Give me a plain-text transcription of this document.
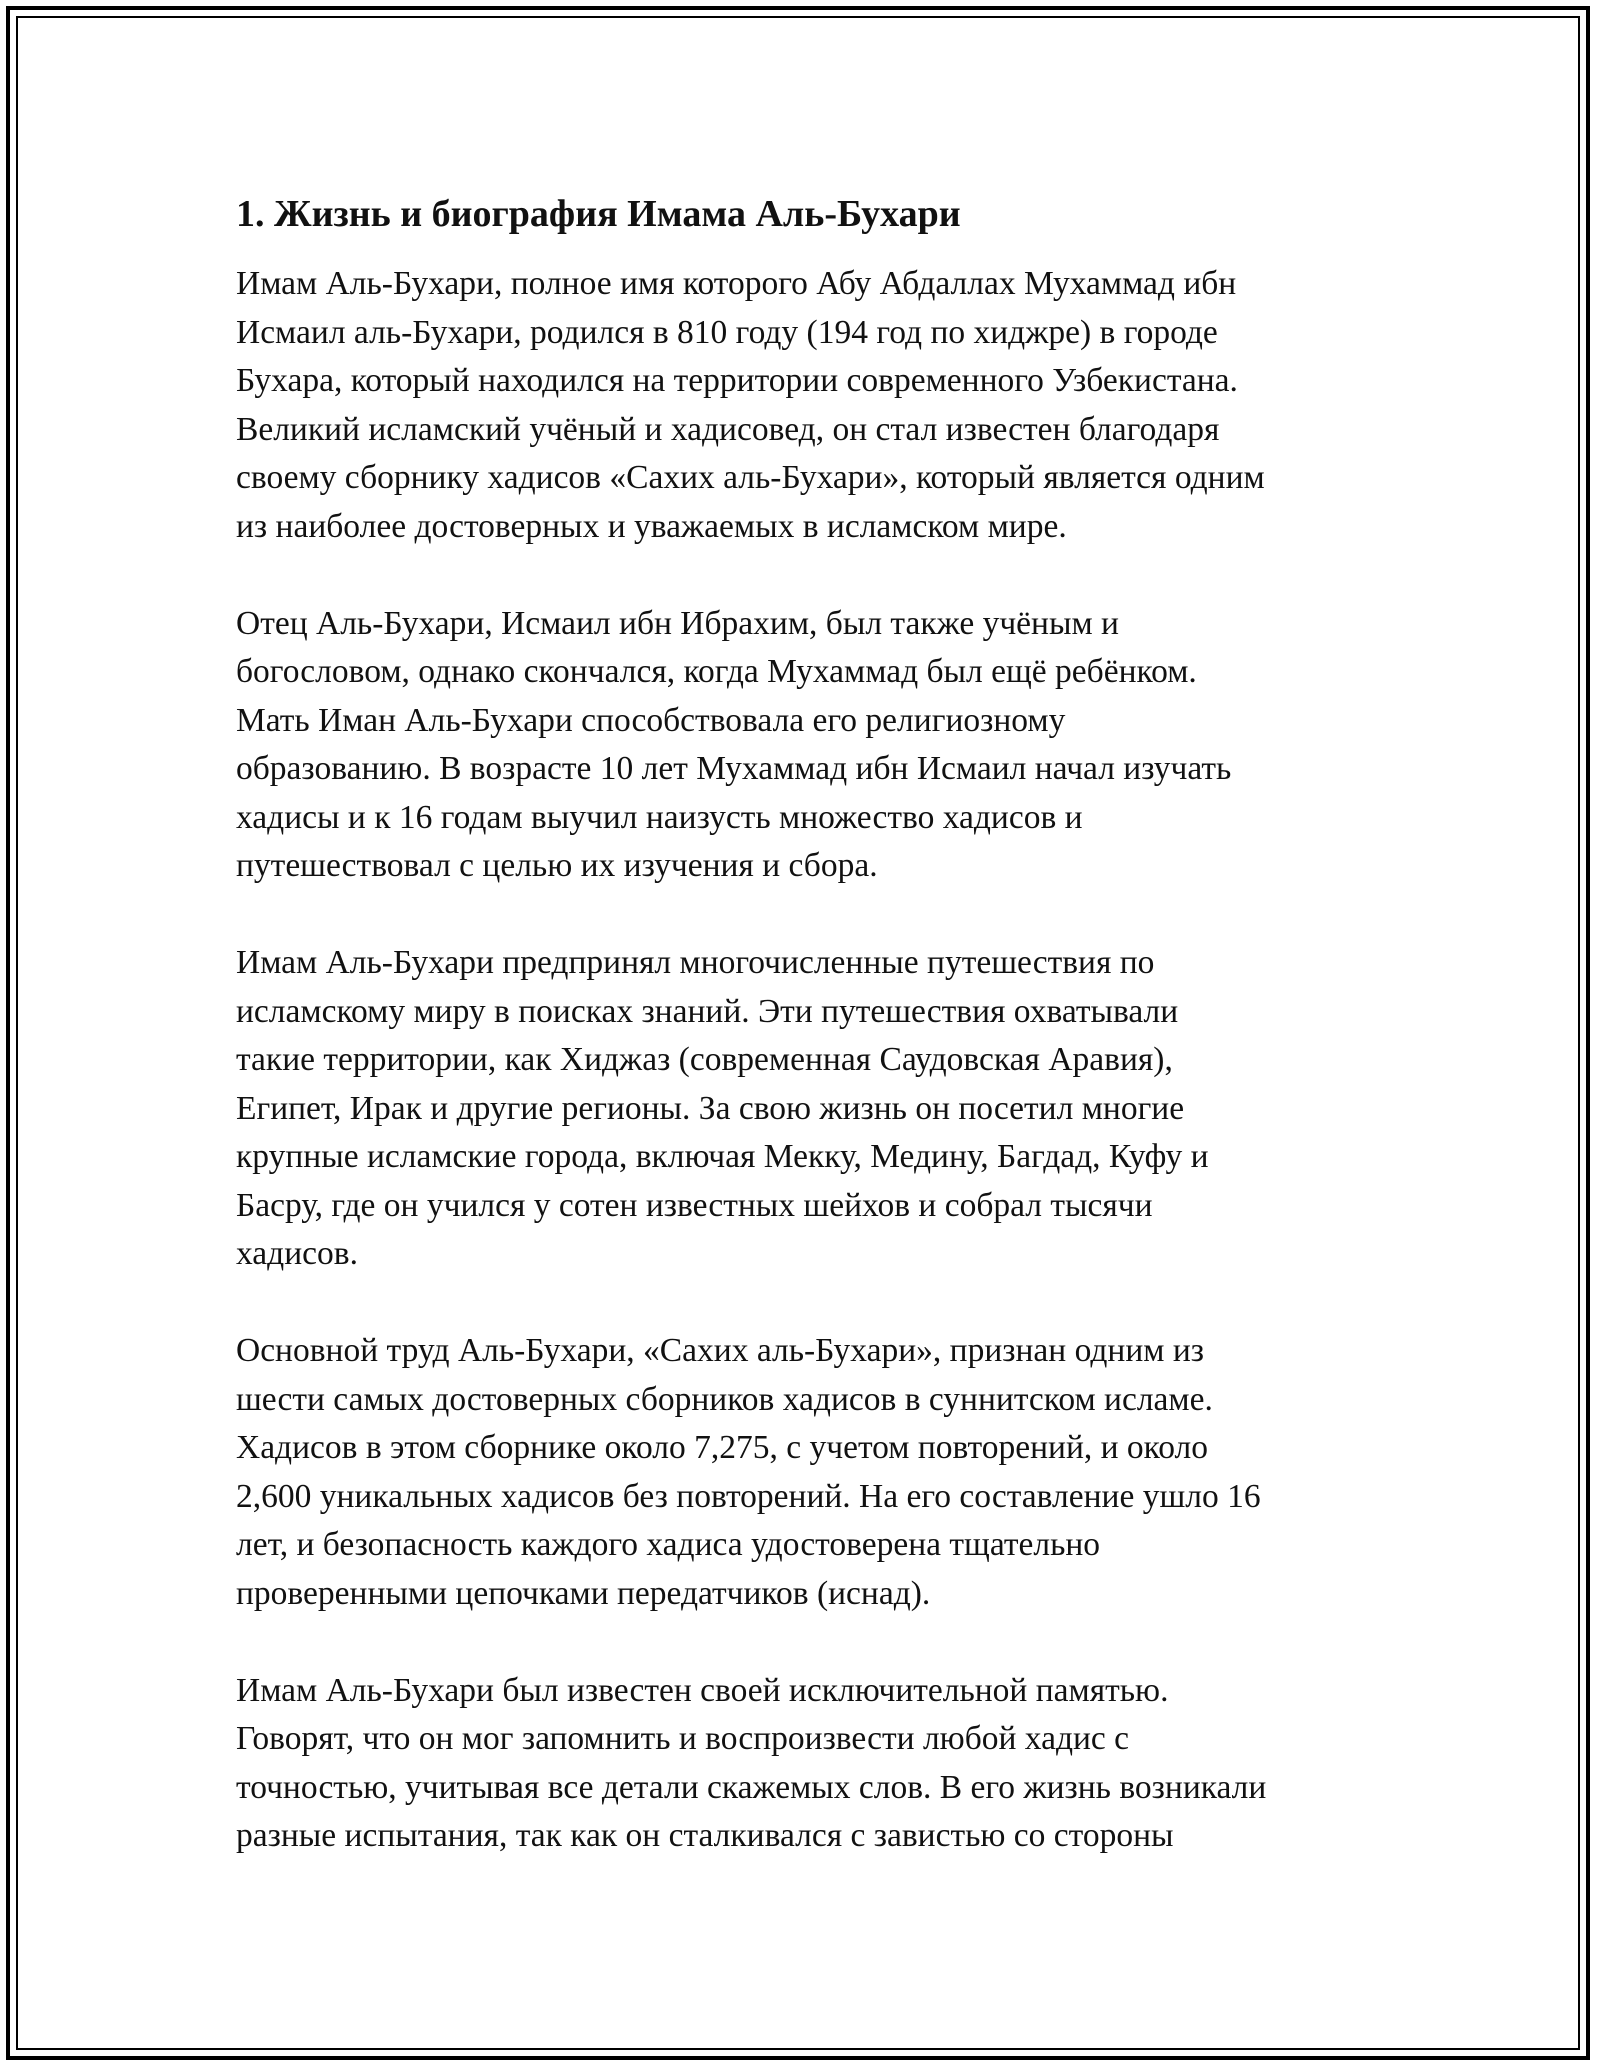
1. Жизнь и биография Имама Аль-Бухари

Имам Аль-Бухари, полное имя которого Абу Абдаллах Мухаммад ибн
Исмаил аль-Бухари, родился в 810 году (194 год по хиджре) в городе
Бухара, который находился на территории современного Узбекистана.
Великий исламский учёный и хадисовед, он стал известен благодаря
своему сборнику хадисов «Сахих аль-Бухари», который является одним
из наиболее достоверных и уважаемых в исламском мире.

Отец Аль-Бухари, Исмаил ибн Ибрахим, был также учёным и
богословом, однако скончался, когда Мухаммад был ещё ребёнком.
Мать Иман Аль-Бухари способствовала его религиозному
образованию. В возрасте 10 лет Мухаммад ибн Исмаил начал изучать
хадисы и к 16 годам выучил наизусть множество хадисов и
путешествовал с целью их изучения и сбора.

Имам Аль-Бухари предпринял многочисленные путешествия по
исламскому миру в поисках знаний. Эти путешествия охватывали
такие территории, как Хиджаз (современная Саудовская Аравия),
Египет, Ирак и другие регионы. За свою жизнь он посетил многие
крупные исламские города, включая Мекку, Медину, Багдад, Куфу и
Басру, где он учился у сотен известных шейхов и собрал тысячи
хадисов.

Основной труд Аль-Бухари, «Сахих аль-Бухари», признан одним из
шести самых достоверных сборников хадисов в суннитском исламе.
Хадисов в этом сборнике около 7,275, с учетом повторений, и около
2,600 уникальных хадисов без повторений. На его составление ушло 16
лет, и безопасность каждого хадиса удостоверена тщательно
проверенными цепочками передатчиков (иснад).

Имам Аль-Бухари был известен своей исключительной памятью.
Говорят, что он мог запомнить и воспроизвести любой хадис с
точностью, учитывая все детали скажемых слов. В его жизнь возникали
разные испытания, так как он сталкивался с завистью со стороны
